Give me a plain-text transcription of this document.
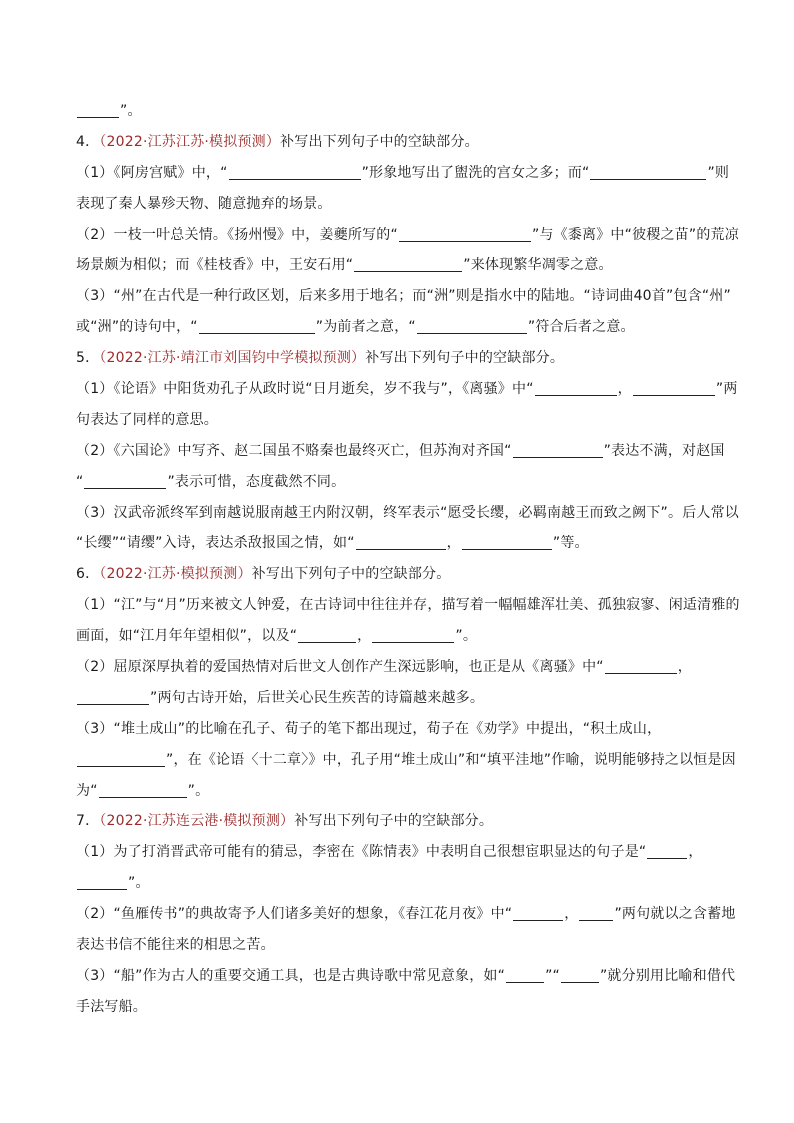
”。
4．（2022·江苏江苏·模拟预测）补写出下列句子中的空缺部分。
（1）《阿房宫赋》中，“	”形象地写出了盥洗的宫女之多；而“	”则
表现了秦人暴殄天物、随意抛弃的场景。
（2）一枝一叶总关情。《扬州慢》中，姜夔所写的“	”与《黍离》中“彼稷之苗”的荒凉
场景颇为相似；而《桂枝香》中，王安石用“	”来体现繁华凋零之意。
（3）“州”在古代是一种行政区划，后来多用于地名；而“洲”则是指水中的陆地。“诗词曲40首”包含“州”
或“洲”的诗句中，“	”为前者之意，“	”符合后者之意。
5．（2022·江苏·靖江市刘国钧中学模拟预测）补写出下列句子中的空缺部分。
（1）《论语》中阳货劝孔子从政时说“日月逝矣，岁不我与”，《离骚》中“	，	”两
句表达了同样的意思。
（2）《六国论》中写齐、赵二国虽不赂秦也最终灭亡，但苏洵对齐国“	”表达不满，对赵国
“	”表示可惜，态度截然不同。
（3）汉武帝派终军到南越说服南越王内附汉朝，终军表示“愿受长缨，必羁南越王而致之阙下”。后人常以
“长缨”“请缨”入诗，表达杀敌报国之情，如“	，	”等。
6．（2022·江苏·模拟预测）补写出下列句子中的空缺部分。
（1）“江”与“月”历来被文人钟爱，在古诗词中往往并存，描写着一幅幅雄浑壮美、孤独寂寥、闲适清雅的
画面，如“江月年年望相似”，以及“	，	”。
（2）屈原深厚执着的爱国热情对后世文人创作产生深远影响，也正是从《离骚》中“	，
”两句古诗开始，后世关心民生疾苦的诗篇越来越多。
（3）“堆土成山”的比喻在孔子、荀子的笔下都出现过，荀子在《劝学》中提出，“积土成山，
”，在《论语〈十二章〉》中，孔子用“堆土成山”和“填平洼地”作喻，说明能够持之以恒是因
为“	”。
7．（2022·江苏连云港·模拟预测）补写出下列句子中的空缺部分。
（1）为了打消晋武帝可能有的猜忌，李密在《陈情表》中表明自己很想宦职显达的句子是“	，
”。
（2）“鱼雁传书”的典故寄予人们诸多美好的想象，《春江花月夜》中“	，	”两句就以之含蓄地
表达书信不能往来的相思之苦。
（3）“船”作为古人的重要交通工具，也是古典诗歌中常见意象，如“	”“	”就分别用比喻和借代
手法写船。
